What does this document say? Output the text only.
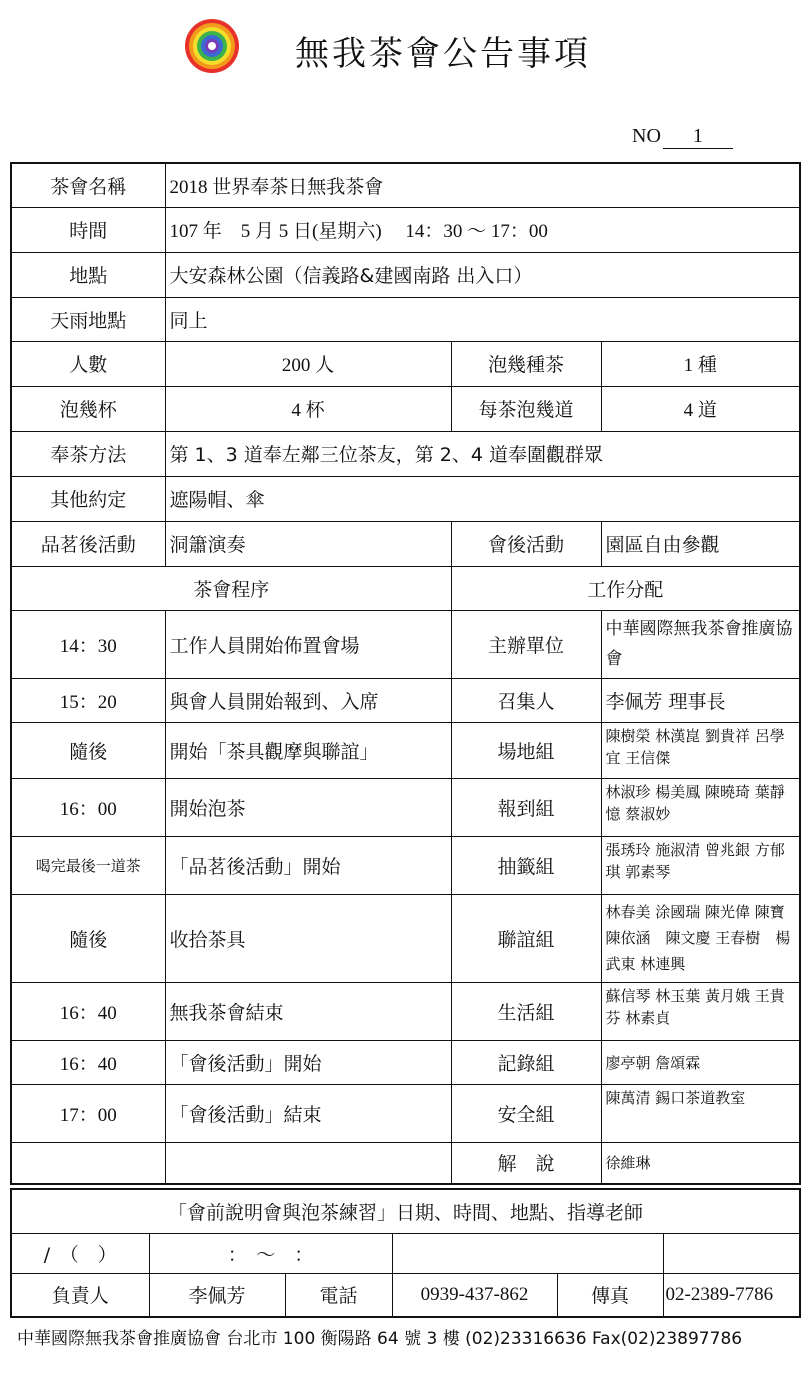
無我茶會公告事項
NO 1
茶會名稱	2018 世界奉茶日無我茶會		
時間	107 年　5 月 5 日(星期六)　 14：30 ～ 17：00		
地點	大安森林公園（信義路&建國南路 出入口）		
天雨地點	同上		
人數	200 人	泡幾種茶	1 種
泡幾杯	4 杯	每茶泡幾道	4 道
奉茶方法	第 1、3 道奉左鄰三位茶友，第 2、4 道奉圍觀群眾		
其他約定	遮陽帽、傘		
品茗後活動	洞簫演奏	會後活動	園區自由參觀
茶會程序		工作分配	
14：30	工作人員開始佈置會場	主辦單位	中華國際無我茶會推廣協會
15：20	與會人員開始報到、入席	召集人	李佩芳 理事長
隨後	開始「茶具觀摩與聯誼」	場地組	陳樹榮 林漢崑 劉貴祥 呂學宜 王信傑
16：00	開始泡茶	報到組	林淑珍 楊美鳳 陳曉琦 葉靜憶 蔡淑妙
喝完最後一道茶	「品茗後活動」開始	抽籤組	張琇玲 施淑清 曾兆銀 方郁琪 郭素琴
隨後	收拾茶具	聯誼組	林春美 涂國瑞 陳光偉 陳寶　 陳依涵　陳文慶 王春樹　楊武東 林連興
16：40	無我茶會結束	生活組	蘇信琴 林玉葉 黃月娥 王貴芬 林素貞
16：40	「會後活動」開始	記錄組	廖亭朝 詹頌霖
17：00	「會後活動」結束	安全組	陳萬清 錫口茶道教室
		解　說	徐維琳
「會前說明會與泡茶練習」日期、時間、地點、指導老師					
/　（　）	：　～　：				
負責人	李佩芳	電話	0939-437-862	傳真	02-2389-7786
中華國際無我茶會推廣協會 台北市 100 衡陽路 64 號 3 樓 (02)23316636 Fax(02)23897786
